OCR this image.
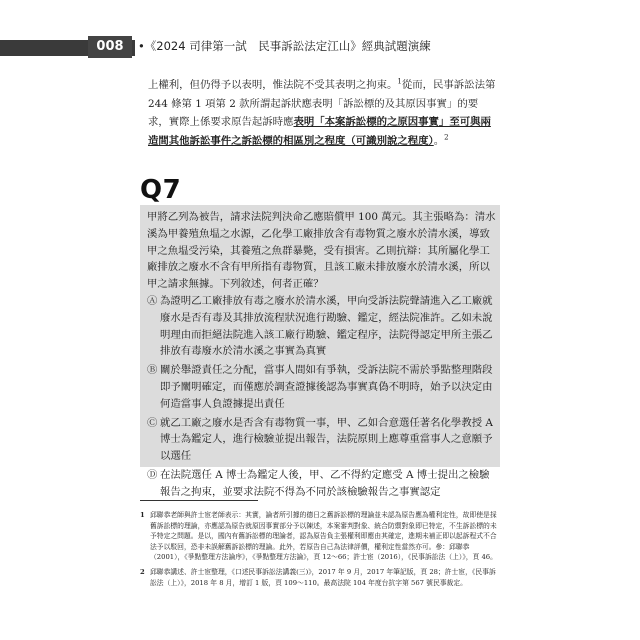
008	•《2024 司律第一試　民事訴訟法定江山》經典試題演練

上權利，但仍得予以表明，惟法院不受其表明之拘束。$^1$從而，民事訴訟法第 244 條第 1 項第 2 款所謂起訴狀應表明「訴訟標的及其原因事實」的要求，實際上係要求原告起訴時應表明「本案訴訟標的之原因事實」至可與兩造間其他訴訟事件之訴訟標的相區別之程度（可識別說之程度）。$^2$

Q7

甲將乙列為被告，請求法院判決命乙應賠償甲 100 萬元。其主張略為：清水溪為甲養殖魚塭之水源，乙化學工廠排放含有毒物質之廢水於清水溪，導致甲之魚塭受污染，其養殖之魚群暴斃，受有損害。乙則抗辯：其所屬化學工廠排放之廢水不含有甲所指有毒物質，且該工廠未排放廢水於清水溪，所以甲之請求無據。下列敘述，何者正確？

Ⓐ 為證明乙工廠排放有毒之廢水於清水溪，甲向受訴法院聲請進入乙工廠就廢水是否有毒及其排放流程狀況進行勘驗、鑑定，經法院准許。乙如未說明理由而拒絕法院進入該工廠行勘驗、鑑定程序，法院得認定甲所主張乙排放有毒廢水於清水溪之事實為真實
Ⓑ 關於舉證責任之分配，當事人間如有爭執，受訴法院不需於爭點整理階段即予闡明確定，而僅應於調查證據後認為事實真偽不明時，始予以決定由何造當事人負證據提出責任
Ⓒ 就乙工廠之廢水是否含有毒物質一事，甲、乙如合意選任著名化學教授 A 博士為鑑定人，進行檢驗並提出報告，法院原則上應尊重當事人之意願予以選任
Ⓓ 在法院選任 A 博士為鑑定人後，甲、乙不得約定應受 A 博士提出之檢驗報告之拘束，並要求法院不得為不同於該檢驗報告之事實認定
1 邱聯恭老師與許士宦老師表示：其實，論者所引據的德日之舊訴訟標的理論並未認為原告應為權利定性，故即使是採舊訴訟標的理論，亦應認為原告就原因事實部分予以陳述，本案審判對象、統合防禦對象即已特定，不生訴訟標的未予特定之問題。是以，國內有舊訴訟標的理論者，認為原告負主張權利即應由其確定，進期未補正即以起訴程式不合法予以駁回，恐非未誤解舊訴訟標的理論。此外，若原告自己為法律評價，權利定性當然亦可。參：邱聯恭（2001），《爭點整理方法論序》，《爭點整理方法論》，頁 12～66；許士宦（2016），《民事訴訟法（上）》，頁 46。
2 邱聯恭講述、許士宦整理，《口述民事訴訟法講義(三)》，2017 年 9 月，2017 年筆記版，頁 28；許士宦，《民事訴訟法（上）》，2018 年 8 月，增訂 1 版，頁 109～110。最高法院 104 年度台抗字第 567 號民事裁定。
